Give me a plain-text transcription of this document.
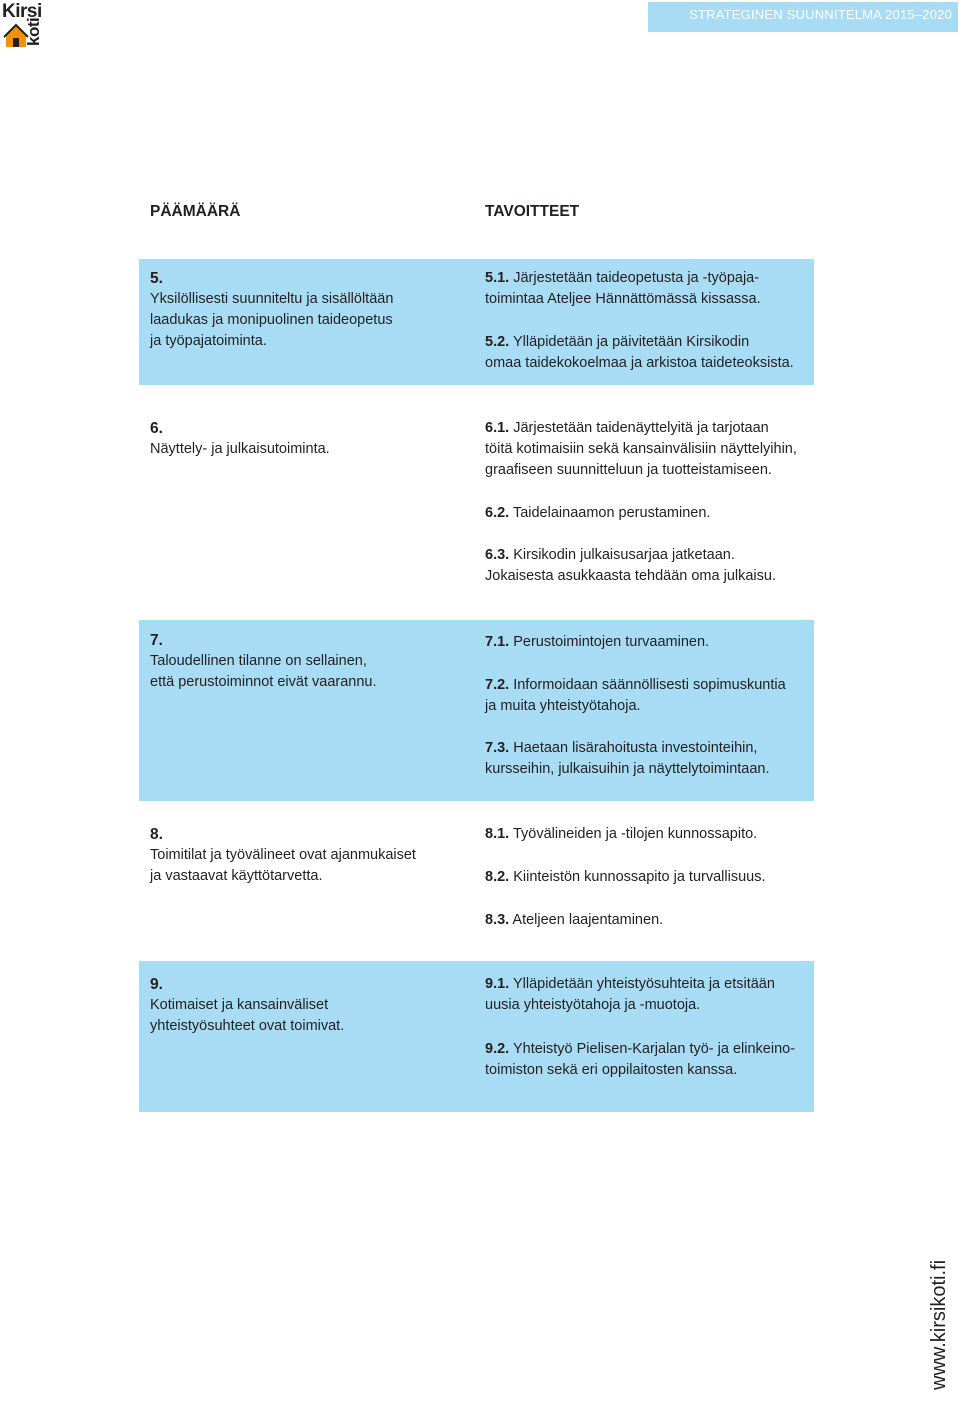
Kirsi
koti
STRATEGINEN SUUNNITELMA 2015–2020
PÄÄMÄÄRÄ	TAVOITTEET
5.
Yksilöllisesti suunniteltu ja sisällöltään
laadukas ja monipuolinen taideopetus
ja työpajatoiminta.
5.1. Järjestetään taideopetusta ja -työpaja-
toimintaa Ateljee Hännättömässä kissassa.
5.2. Ylläpidetään ja päivitetään Kirsikodin
omaa taidekokoelmaa ja arkistoa taideteoksista.
6.
Näyttely- ja julkaisutoiminta.
6.1. Järjestetään taidenäyttelyitä ja tarjotaan
töitä kotimaisiin sekä kansainvälisiin näyttelyihin,
graafiseen suunnitteluun ja tuotteistamiseen.
6.2. Taidelainaamon perustaminen.
6.3. Kirsikodin julkaisusarjaa jatketaan.
Jokaisesta asukkaasta tehdään oma julkaisu.
7.
Taloudellinen tilanne on sellainen,
että perustoiminnot eivät vaarannu.
7.1. Perustoimintojen turvaaminen.
7.2. Informoidaan säännöllisesti sopimuskuntia
ja muita yhteistyötahoja.
7.3. Haetaan lisärahoitusta investointeihin,
kursseihin, julkaisuihin ja näyttelytoimintaan.
8.
Toimitilat ja työvälineet ovat ajanmukaiset
ja vastaavat käyttötarvetta.
8.1. Työvälineiden ja -tilojen kunnossapito.
8.2. Kiinteistön kunnossapito ja turvallisuus.
8.3. Ateljeen laajentaminen.
9.
Kotimaiset ja kansainväliset
yhteistyösuhteet ovat toimivat.
9.1. Ylläpidetään yhteistyösuhteita ja etsitään
uusia yhteistyötahoja ja -muotoja.
9.2. Yhteistyö Pielisen-Karjalan työ- ja elinkeino-
toimiston sekä eri oppilaitosten kanssa.
www.kirsikoti.fi
